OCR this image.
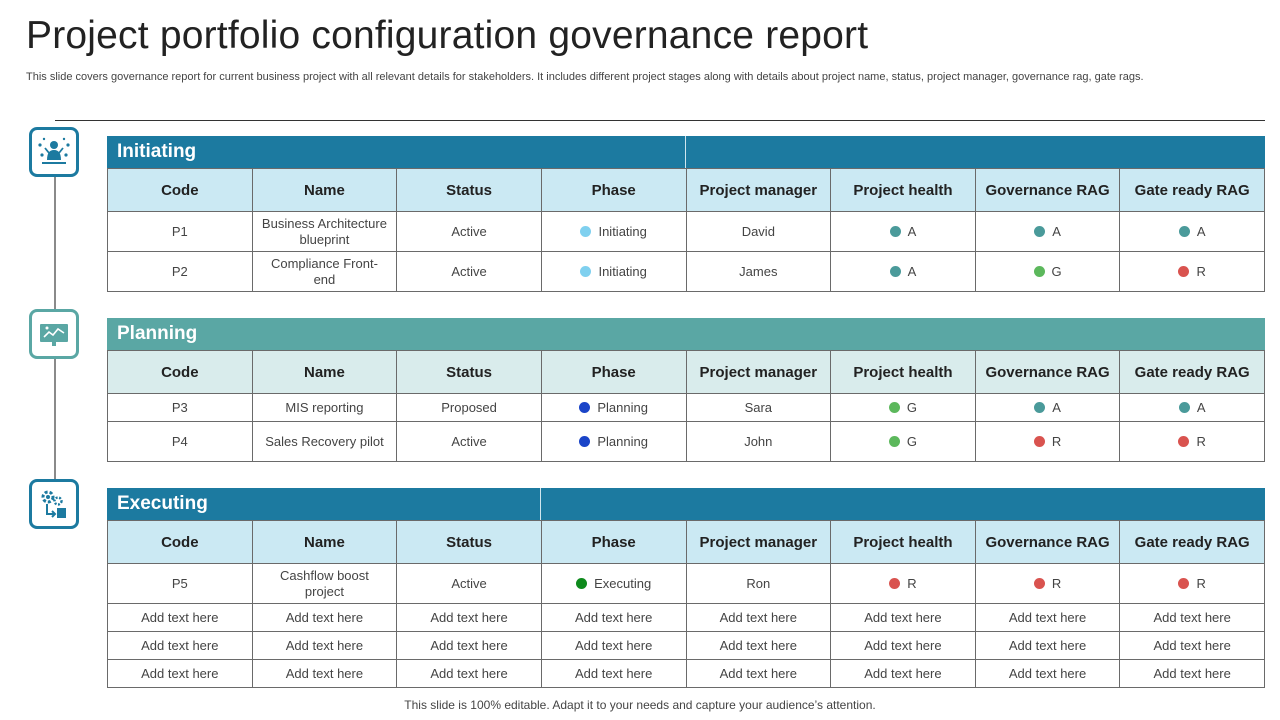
Project portfolio configuration governance report
This slide covers governance report for current business project with all relevant details for stakeholders. It includes different project stages along with details about project name, status, project manager, governance rag, gate rags.
Initiating
Code	Name	Status	Phase	Project manager	Project health	Governance RAG	Gate ready RAG
P1	Business Architecture blueprint	Active	Initiating	David	A	A	A
P2	Compliance Front-end	Active	Initiating	James	A	G	R
Planning
Code	Name	Status	Phase	Project manager	Project health	Governance RAG	Gate ready RAG
P3	MIS reporting	Proposed	Planning	Sara	G	A	A
P4	Sales Recovery pilot	Active	Planning	John	G	R	R
Executing
Code	Name	Status	Phase	Project manager	Project health	Governance RAG	Gate ready RAG
P5	Cashflow boost project	Active	Executing	Ron	R	R	R
Add text here	Add text here	Add text here	Add text here	Add text here	Add text here	Add text here	Add text here
Add text here	Add text here	Add text here	Add text here	Add text here	Add text here	Add text here	Add text here
Add text here	Add text here	Add text here	Add text here	Add text here	Add text here	Add text here	Add text here
This slide is 100% editable. Adapt it to your needs and capture your audience’s attention.
